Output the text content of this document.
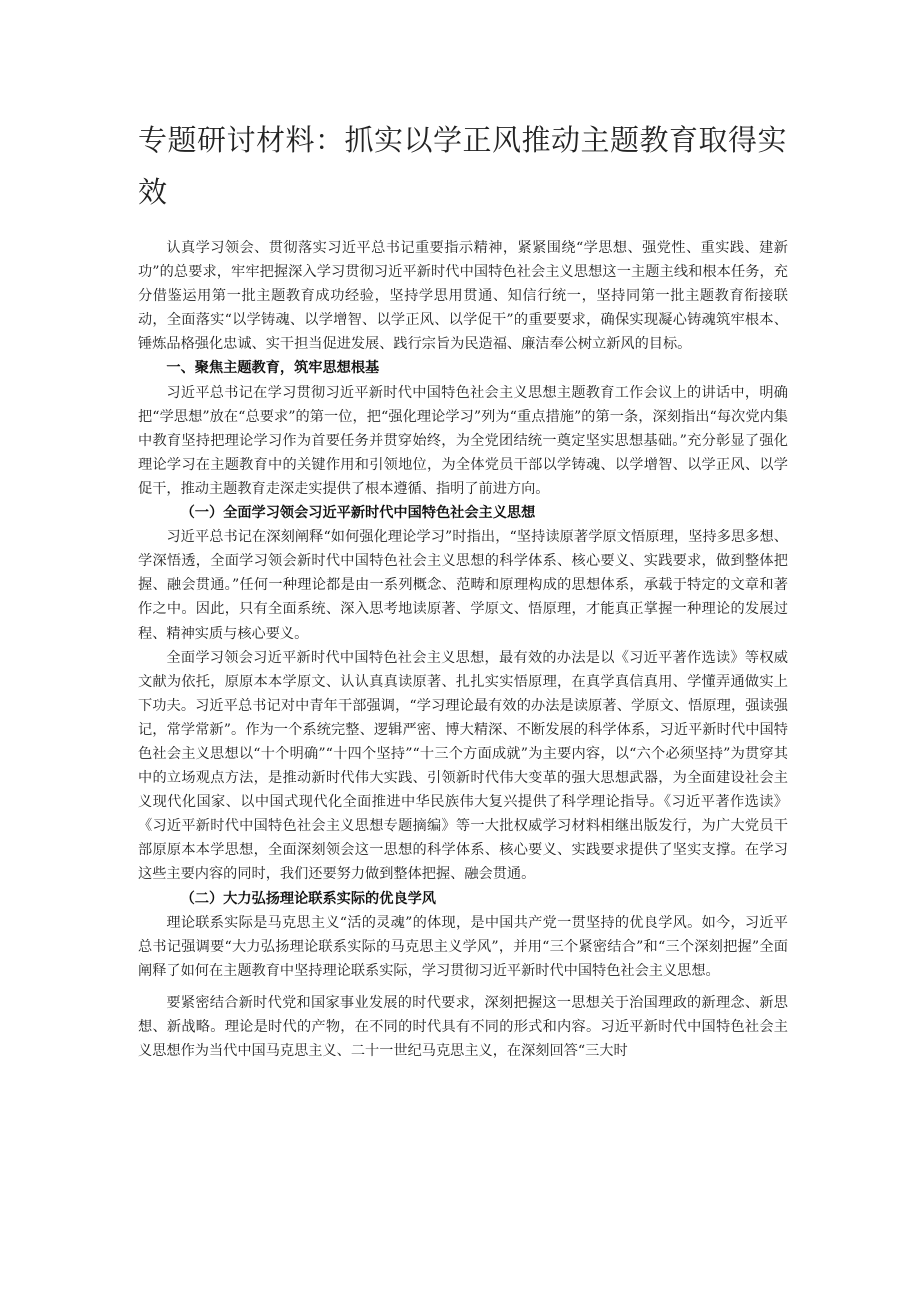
专题研讨材料：抓实以学正风推动主题教育取得实效

认真学习领会、贯彻落实习近平总书记重要指示精神，紧紧围绕“学思想、强党性、重实践、建新功”的总要求，牢牢把握深入学习贯彻习近平新时代中国特色社会主义思想这一主题主线和根本任务，充分借鉴运用第一批主题教育成功经验，坚持学思用贯通、知信行统一，坚持同第一批主题教育衔接联动，全面落实“以学铸魂、以学增智、以学正风、以学促干”的重要要求，确保实现凝心铸魂筑牢根本、锤炼品格强化忠诚、实干担当促进发展、践行宗旨为民造福、廉洁奉公树立新风的目标。

一、聚焦主题教育，筑牢思想根基

习近平总书记在学习贯彻习近平新时代中国特色社会主义思想主题教育工作会议上的讲话中，明确把“学思想”放在“总要求”的第一位，把“强化理论学习”列为“重点措施”的第一条，深刻指出“每次党内集中教育坚持把理论学习作为首要任务并贯穿始终，为全党团结统一奠定坚实思想基础。”充分彰显了强化理论学习在主题教育中的关键作用和引领地位，为全体党员干部以学铸魂、以学增智、以学正风、以学促干，推动主题教育走深走实提供了根本遵循、指明了前进方向。

（一）全面学习领会习近平新时代中国特色社会主义思想

习近平总书记在深刻阐释“如何强化理论学习”时指出，“坚持读原著学原文悟原理，坚持多思多想、学深悟透，全面学习领会新时代中国特色社会主义思想的科学体系、核心要义、实践要求，做到整体把握、融会贯通。”任何一种理论都是由一系列概念、范畴和原理构成的思想体系，承载于特定的文章和著作之中。因此，只有全面系统、深入思考地读原著、学原文、悟原理，才能真正掌握一种理论的发展过程、精神实质与核心要义。

全面学习领会习近平新时代中国特色社会主义思想，最有效的办法是以《习近平著作选读》等权威文献为依托，原原本本学原文、认认真真读原著、扎扎实实悟原理，在真学真信真用、学懂弄通做实上下功夫。习近平总书记对中青年干部强调，“学习理论最有效的办法是读原著、学原文、悟原理，强读强记，常学常新”。作为一个系统完整、逻辑严密、博大精深、不断发展的科学体系，习近平新时代中国特色社会主义思想以“十个明确”“十四个坚持”“十三个方面成就”为主要内容，以“六个必须坚持”为贯穿其中的立场观点方法，是推动新时代伟大实践、引领新时代伟大变革的强大思想武器，为全面建设社会主义现代化国家、以中国式现代化全面推进中华民族伟大复兴提供了科学理论指导。《习近平著作选读》《习近平新时代中国特色社会主义思想专题摘编》等一大批权威学习材料相继出版发行，为广大党员干部原原本本学思想，全面深刻领会这一思想的科学体系、核心要义、实践要求提供了坚实支撑。在学习这些主要内容的同时，我们还要努力做到整体把握、融会贯通。

（二）大力弘扬理论联系实际的优良学风

理论联系实际是马克思主义“活的灵魂”的体现，是中国共产党一贯坚持的优良学风。如今，习近平总书记强调要“大力弘扬理论联系实际的马克思主义学风”，并用“三个紧密结合”和“三个深刻把握”全面阐释了如何在主题教育中坚持理论联系实际，学习贯彻习近平新时代中国特色社会主义思想。

要紧密结合新时代党和国家事业发展的时代要求，深刻把握这一思想关于治国理政的新理念、新思想、新战略。理论是时代的产物，在不同的时代具有不同的形式和内容。习近平新时代中国特色社会主义思想作为当代中国马克思主义、二十一世纪马克思主义，在深刻回答“三大时
